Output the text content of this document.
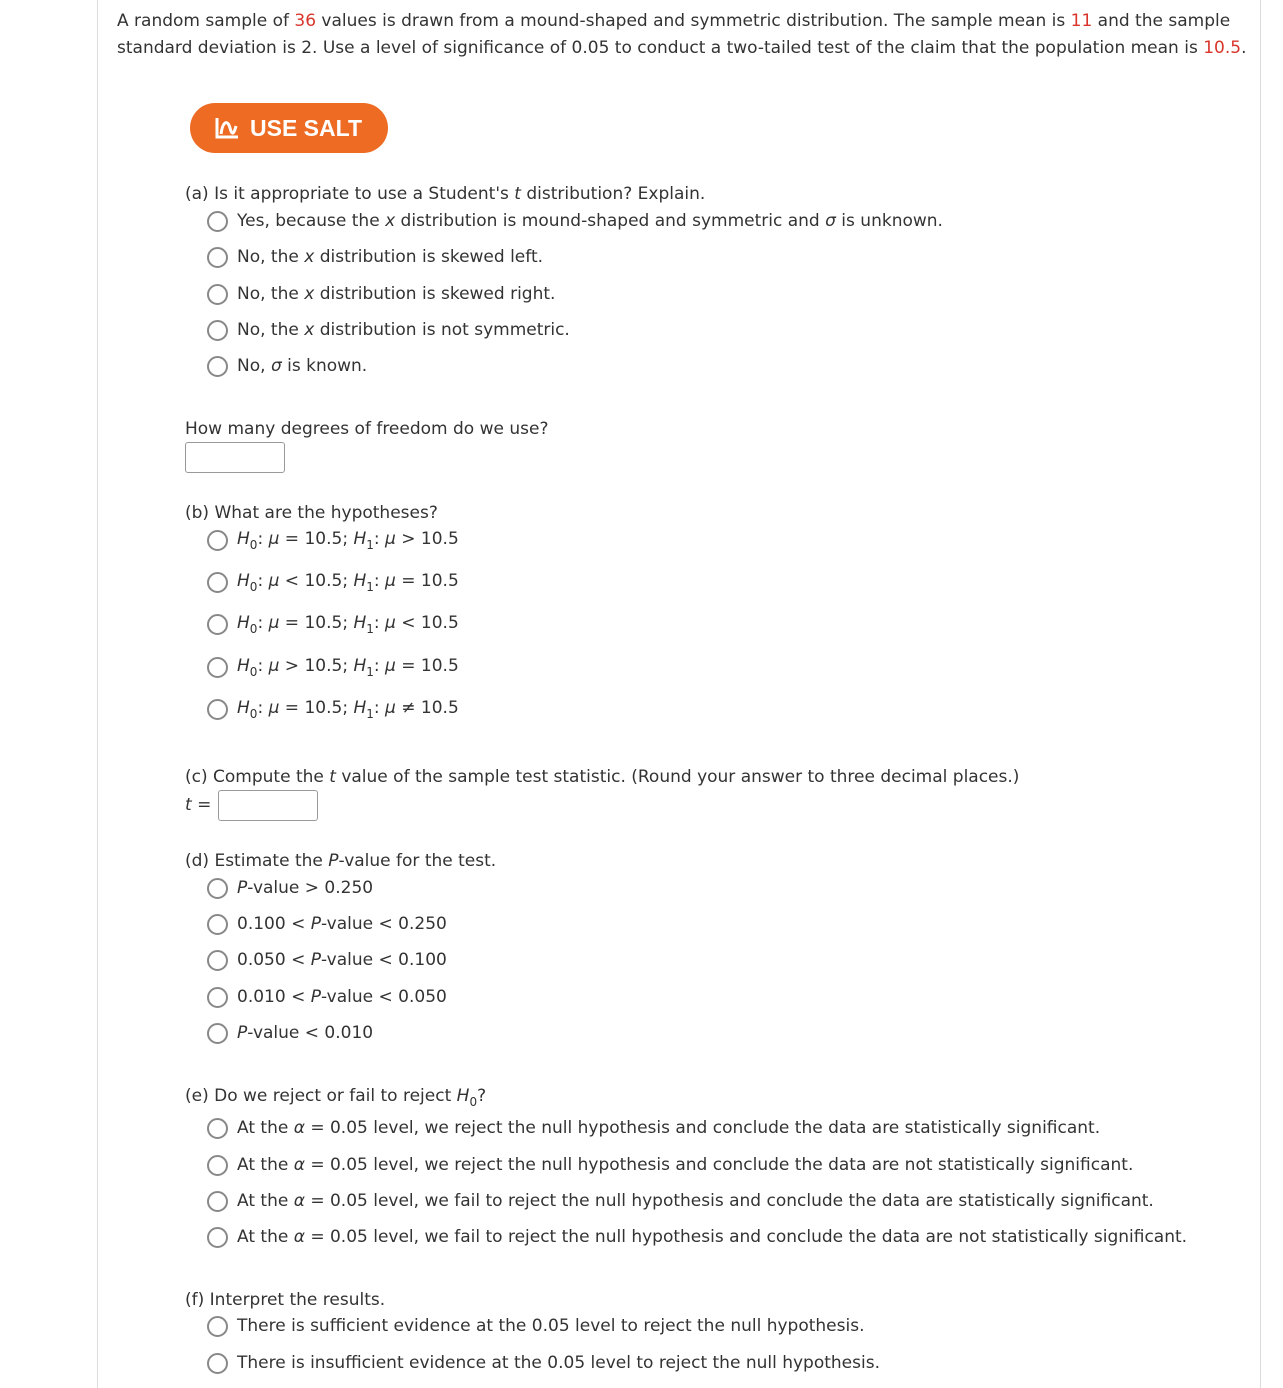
A random sample of 36 values is drawn from a mound-shaped and symmetric distribution. The sample mean is 11 and the sample standard deviation is 2. Use a level of significance of 0.05 to conduct a two-tailed test of the claim that the population mean is 10.5.
USE SALT
(a) Is it appropriate to use a Student's t distribution? Explain.
Yes, because the x distribution is mound-shaped and symmetric and σ is unknown.
No, the x distribution is skewed left.
No, the x distribution is skewed right.
No, the x distribution is not symmetric.
No, σ is known.
How many degrees of freedom do we use?
(b) What are the hypotheses?
$H_0$: μ = 10.5; $H_1$: μ > 10.5
$H_0$: μ < 10.5; $H_1$: μ = 10.5
$H_0$: μ = 10.5; $H_1$: μ < 10.5
$H_0$: μ > 10.5; $H_1$: μ = 10.5
$H_0$: μ = 10.5; $H_1$: μ ≠ 10.5
(c) Compute the t value of the sample test statistic. (Round your answer to three decimal places.)
t =
(d) Estimate the P-value for the test.
P-value > 0.250
0.100 < P-value < 0.250
0.050 < P-value < 0.100
0.010 < P-value < 0.050
P-value < 0.010
(e) Do we reject or fail to reject $H_0$?
At the α = 0.05 level, we reject the null hypothesis and conclude the data are statistically significant.
At the α = 0.05 level, we reject the null hypothesis and conclude the data are not statistically significant.
At the α = 0.05 level, we fail to reject the null hypothesis and conclude the data are statistically significant.
At the α = 0.05 level, we fail to reject the null hypothesis and conclude the data are not statistically significant.
(f) Interpret the results.
There is sufficient evidence at the 0.05 level to reject the null hypothesis.
There is insufficient evidence at the 0.05 level to reject the null hypothesis.
